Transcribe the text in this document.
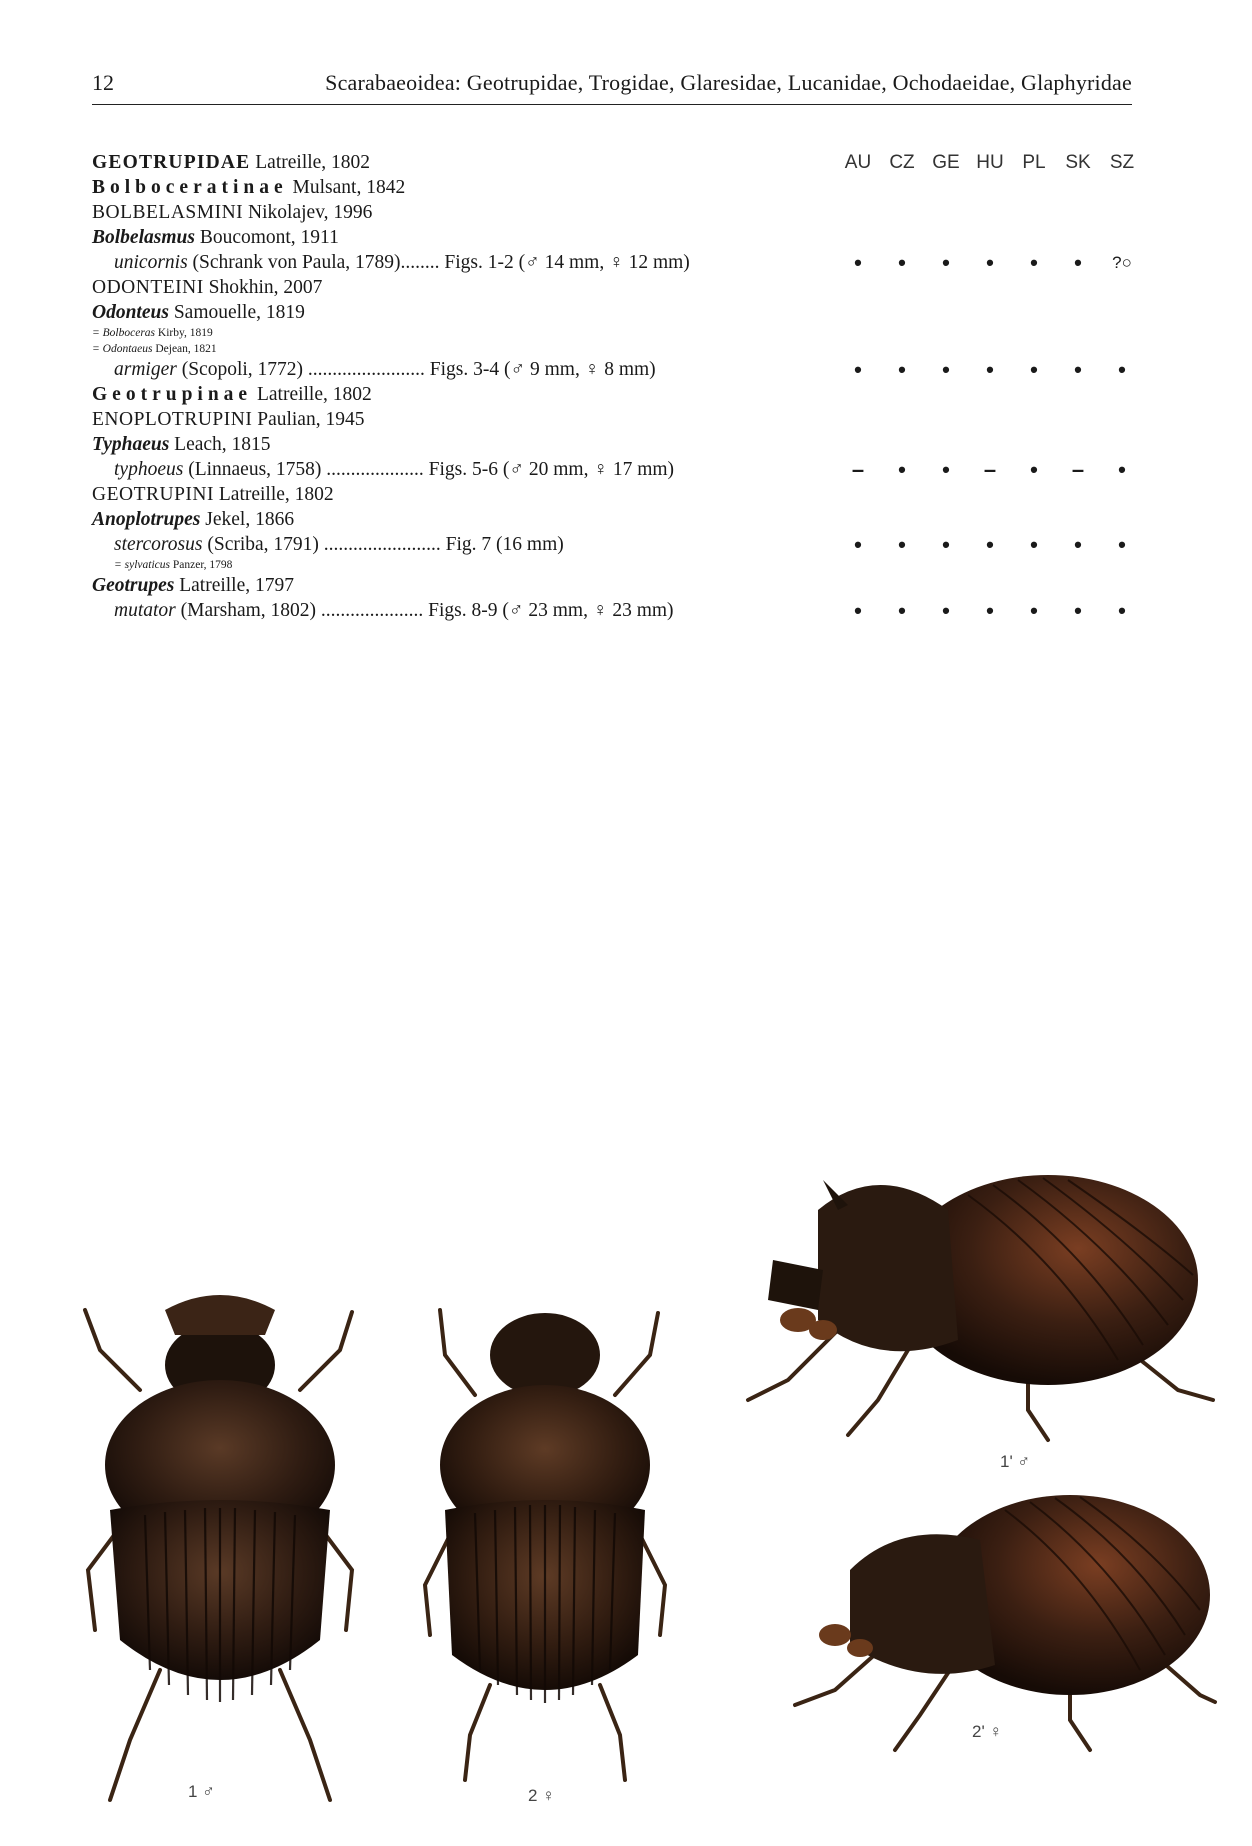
12	Scarabaeoidea: Geotrupidae, Trogidae, Glaresidae, Lucanidae, Ochodaeidae, Glaphyridae
GEOTRUPIDAE Latreille, 1802	AU CZ GE HU PL	SK	SZ
Bolboceratinae Mulsant, 1842
BOLBELASMINI Nikolajev, 1996
Bolbelasmus Boucomont, 1911
unicornis (Schrank von Paula, 1789)........ Figs. 1-2 (♂ 14 mm, ♀ 12 mm)	•	•	•	•	•	•	?○
ODONTEINI Shokhin, 2007
Odonteus Samouelle, 1819
= Bolboceras Kirby, 1819
= Odontaeus Dejean, 1821
armiger (Scopoli, 1772) ........................ Figs. 3-4 (♂ 9 mm, ♀ 8 mm)	•	•	•	•	•	•	•
Geotrupinae Latreille, 1802
ENOPLOTRUPINI Paulian, 1945
Typhaeus Leach, 1815
typhoeus (Linnaeus, 1758) .................... Figs. 5-6 (♂ 20 mm, ♀ 17 mm)	–	•	•	–	•	–	•
GEOTRUPINI Latreille, 1802
Anoplotrupes Jekel, 1866
stercorosus (Scriba, 1791) ........................ Fig. 7 (16 mm)	•	•	•	•	•	•	•
= sylvaticus Panzer, 1798
Geotrupes Latreille, 1797
mutator (Marsham, 1802) ..................... Figs. 8-9 (♂ 23 mm, ♀ 23 mm)	•	•	•	•	•	•	•
1 ♂	2 ♀
1' ♂
2' ♀
